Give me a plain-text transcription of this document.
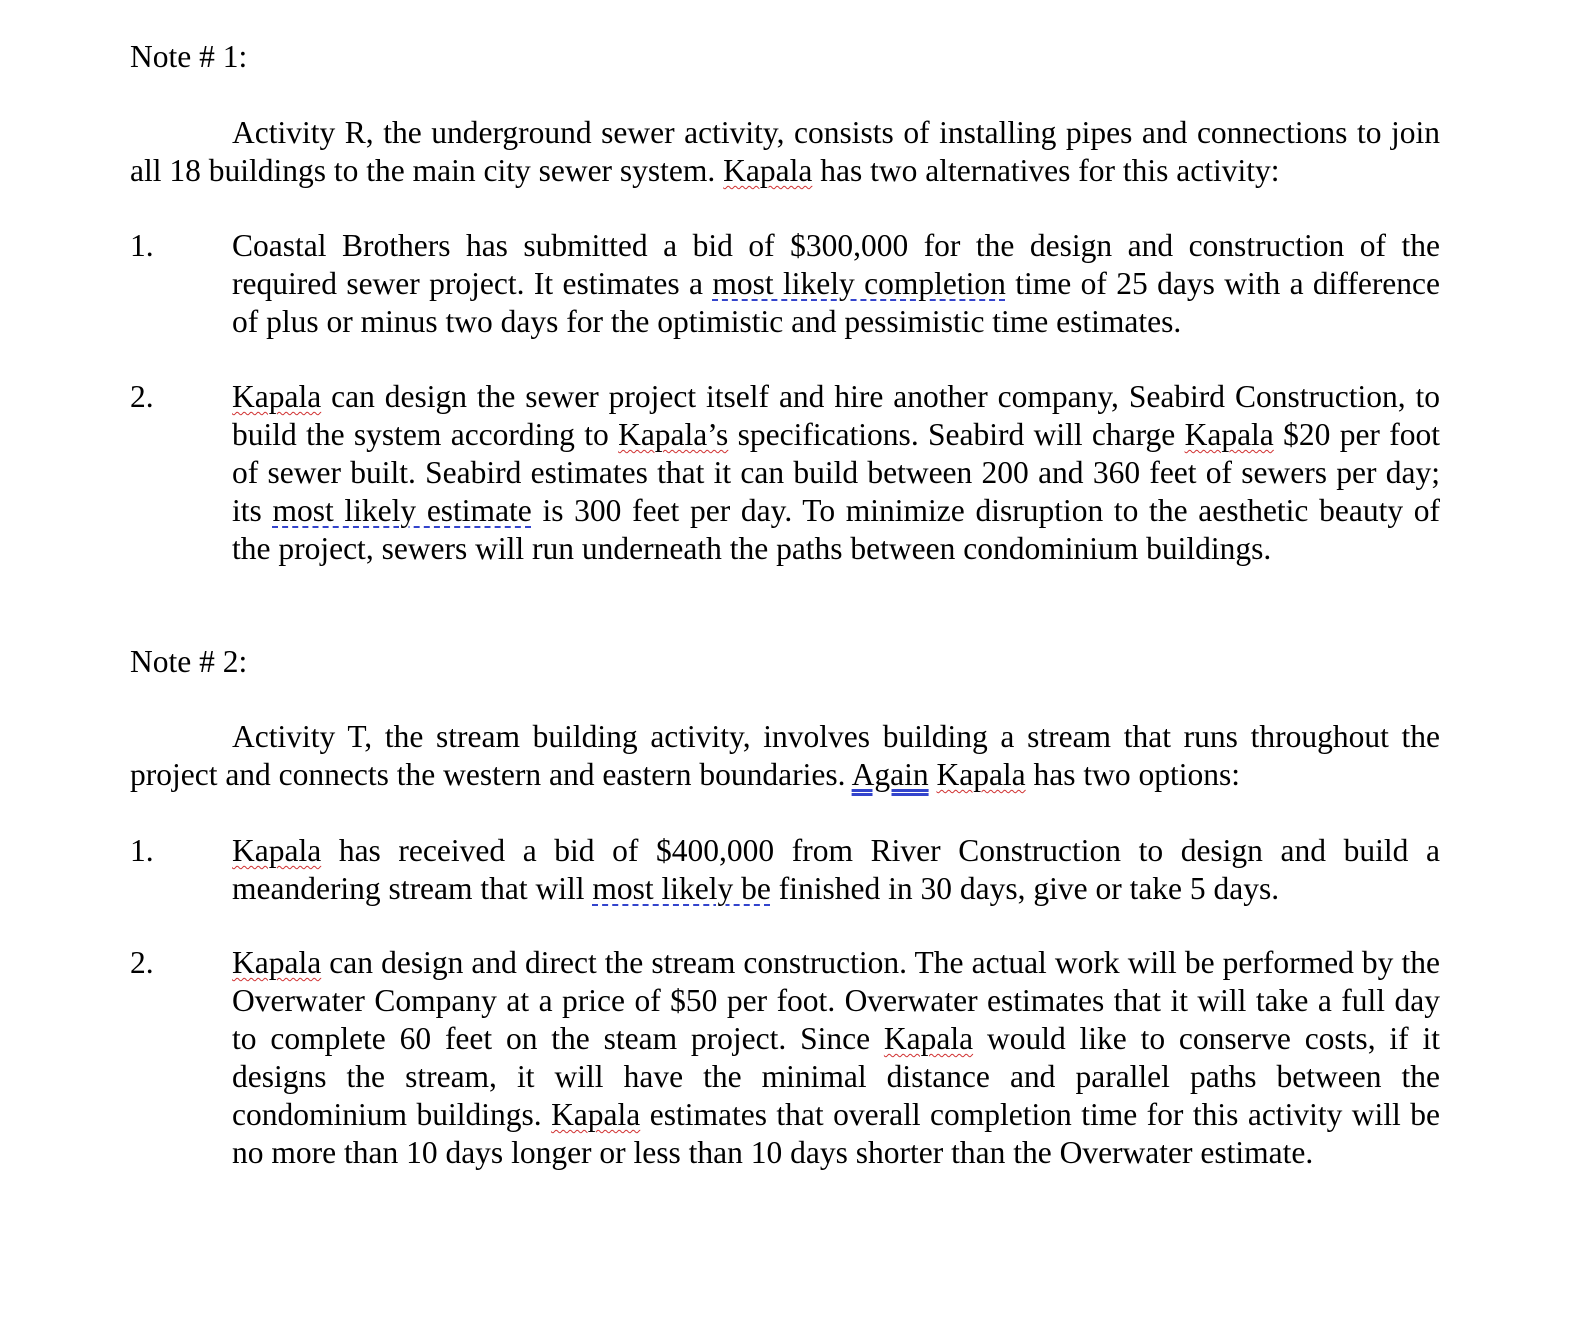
Note # 1:
Activity R, the underground sewer activity, consists of installing pipes and connections to join all 18 buildings to the main city sewer system. Kapala has two alternatives for this activity:
1. Coastal Brothers has submitted a bid of $300,000 for the design and construction of the required sewer project. It estimates a most likely completion time of 25 days with a difference of plus or minus two days for the optimistic and pessimistic time estimates.
2. Kapala can design the sewer project itself and hire another company, Seabird Construction, to build the system according to Kapala’s specifications. Seabird will charge Kapala $20 per foot of sewer built. Seabird estimates that it can build between 200 and 360 feet of sewers per day; its most likely estimate is 300 feet per day. To minimize disruption to the aesthetic beauty of the project, sewers will run underneath the paths between condominium buildings.
Note # 2:
Activity T, the stream building activity, involves building a stream that runs throughout the project and connects the western and eastern boundaries. Again Kapala has two options:
1. Kapala has received a bid of $400,000 from River Construction to design and build a meandering stream that will most likely be finished in 30 days, give or take 5 days.
2. Kapala can design and direct the stream construction. The actual work will be performed by the Overwater Company at a price of $50 per foot. Overwater estimates that it will take a full day to complete 60 feet on the steam project. Since Kapala would like to conserve costs, if it designs the stream, it will have the minimal distance and parallel paths between the condominium buildings. Kapala estimates that overall completion time for this activity will be no more than 10 days longer or less than 10 days shorter than the Overwater estimate.
